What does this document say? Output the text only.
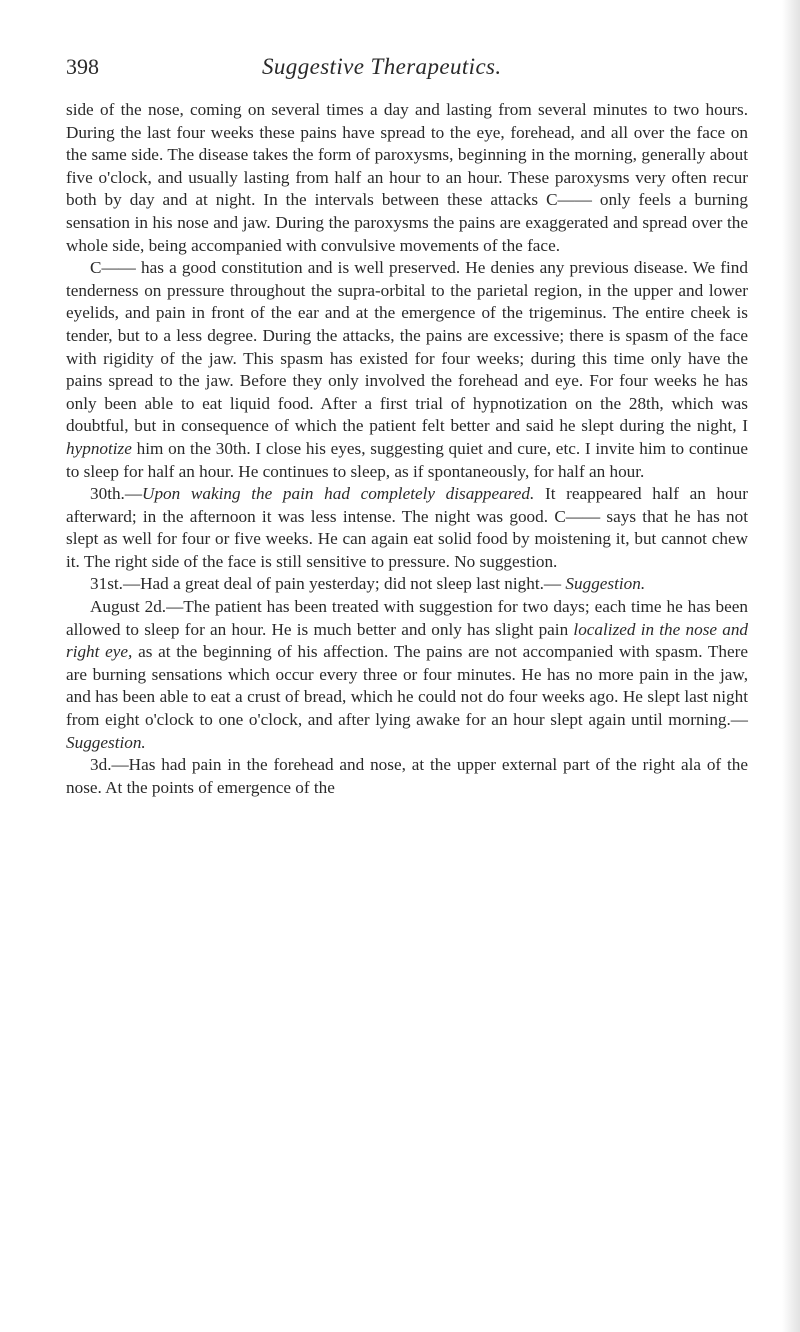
398	Suggestive Therapeutics.

side of the nose, coming on several times a day and lasting from several minutes to two hours. During the last four weeks these pains have spread to the eye, forehead, and all over the face on the same side. The disease takes the form of paroxysms, beginning in the morning, generally about five o'clock, and usually lasting from half an hour to an hour. These paroxysms very often recur both by day and at night. In the intervals between these attacks C—— only feels a burning sensation in his nose and jaw. During the paroxysms the pains are exaggerated and spread over the whole side, being accompanied with convulsive movements of the face.

C—— has a good constitution and is well preserved. He denies any previous disease. We find tenderness on pressure throughout the supra-orbital to the parietal region, in the upper and lower eyelids, and pain in front of the ear and at the emergence of the trigeminus. The entire cheek is tender, but to a less degree. During the attacks, the pains are excessive; there is spasm of the face with rigidity of the jaw. This spasm has existed for four weeks; during this time only have the pains spread to the jaw. Before they only involved the forehead and eye. For four weeks he has only been able to eat liquid food. After a first trial of hypnotization on the 28th, which was doubtful, but in consequence of which the patient felt better and said he slept during the night, I hypnotize him on the 30th. I close his eyes, suggesting quiet and cure, etc. I invite him to continue to sleep for half an hour. He continues to sleep, as if spontaneously, for half an hour.

30th.—Upon waking the pain had completely disappeared. It reappeared half an hour afterward; in the afternoon it was less intense. The night was good. C—— says that he has not slept as well for four or five weeks. He can again eat solid food by moistening it, but cannot chew it. The right side of the face is still sensitive to pressure. No suggestion.

31st.—Had a great deal of pain yesterday; did not sleep last night.— Suggestion.

August 2d.—The patient has been treated with suggestion for two days; each time he has been allowed to sleep for an hour. He is much better and only has slight pain localized in the nose and right eye, as at the beginning of his affection. The pains are not accompanied with spasm. There are burning sensations which occur every three or four minutes. He has no more pain in the jaw, and has been able to eat a crust of bread, which he could not do four weeks ago. He slept last night from eight o'clock to one o'clock, and after lying awake for an hour slept again until morning.—Suggestion.

3d.—Has had pain in the forehead and nose, at the upper external part of the right ala of the nose. At the points of emergence of the
